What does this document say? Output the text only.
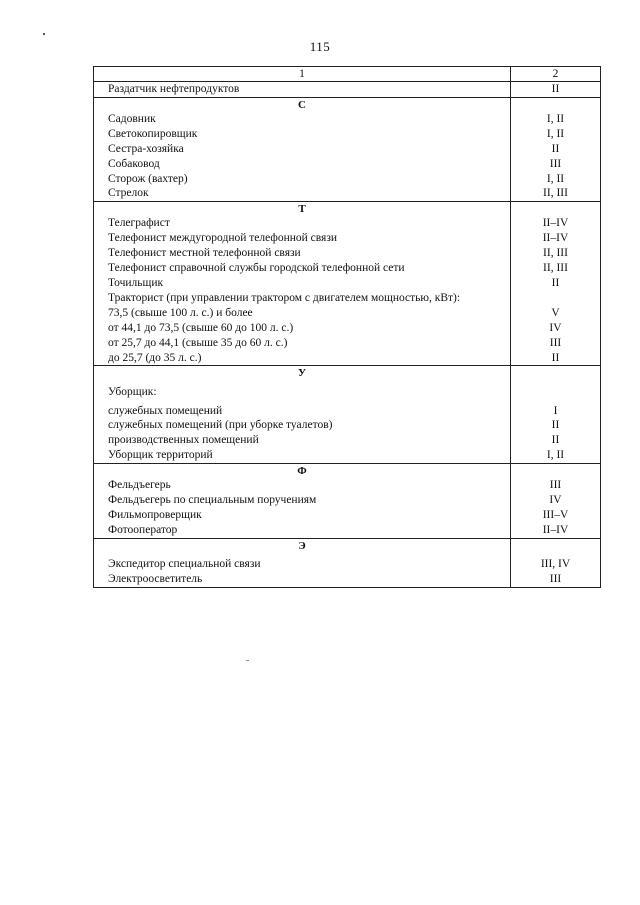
115
1	2
Раздатчик нефтепродуктов	II
С	
Садовник	I, II
Светокопировщик	I, II
Сестра-хозяйка	II
Собаковод	III
Сторож (вахтер)	I, II
Стрелок	II, III
Т	
Телеграфист	II–IV
Телефонист междугородной телефонной связи	II–IV
Телефонист местной телефонной связи	II, III
Телефонист справочной службы городской телефонной сети	II, III
Точильщик	II
Тракторист (при управлении трактором с двигателем мощностью, кВт):	
73,5 (свыше 100 л. с.) и более	V
от 44,1 до 73,5 (свыше 60 до 100 л. с.)	IV
от 25,7 до 44,1 (свыше 35 до 60 л. с.)	III
до 25,7 (до 35 л. с.)	II
У	
Уборщик:	
служебных помещений	I
служебных помещений (при уборке туалетов)	II
производственных помещений	II
Уборщик территорий	I, II
Ф	
Фельдъегерь	III
Фельдъегерь по специальным поручениям	IV
Фильмопроверщик	III–V
Фотооператор	II–IV
Э	
Экспедитор специальной связи	III, IV
Электроосветитель	III
